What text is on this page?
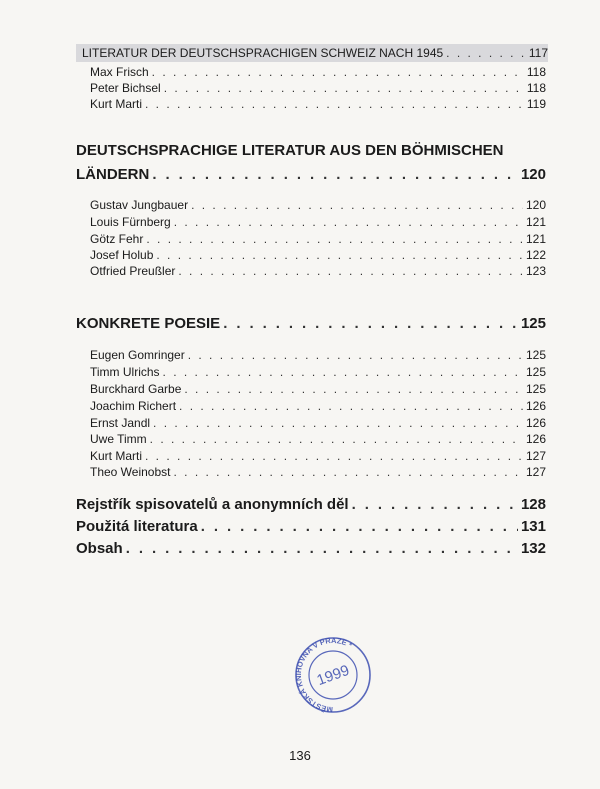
LITERATUR DER DEUTSCHSPRACHIGEN SCHWEIZ NACH 1945 . . .	117
Max Frisch . . .	118
Peter Bichsel . . .	118
Kurt Marti . . .	119
DEUTSCHSPRACHIGE LITERATUR AUS DEN BÖHMISCHEN
LÄNDERN . . .	120
Gustav Jungbauer . . .	120
Louis Fürnberg . . .	121
Götz Fehr . . .	121
Josef Holub . . .	122
Otfried Preußler . . .	123
KONKRETE POESIE . . .	125
Eugen Gomringer . . .	125
Timm Ulrichs . . .	125
Burckhard Garbe . . .	125
Joachim Richert . . .	126
Ernst Jandl . . .	126
Uwe Timm . . .	126
Kurt Marti . . .	127
Theo Weinobst . . .	127
Rejstřík spisovatelů a anonymních děl . . .	128
Použitá literatura . . .	131
Obsah . . .	132
MĚSTSKÁ KNIHOVNA V PRAZE *
1999
136
